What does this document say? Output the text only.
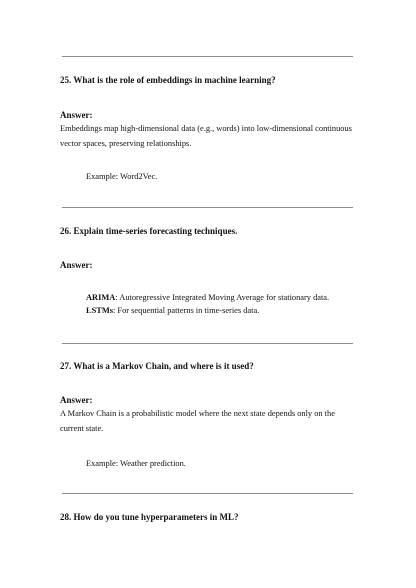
25. What is the role of embeddings in machine learning?

Answer:

Embeddings map high-dimensional data (e.g., words) into low-dimensional continuous
vector spaces, preserving relationships.

Example: Word2Vec.

26. Explain time-series forecasting techniques.

Answer:

ARIMA: Autoregressive Integrated Moving Average for stationary data.

LSTMs: For sequential patterns in time-series data.

27. What is a Markov Chain, and where is it used?

Answer:

A Markov Chain is a probabilistic model where the next state depends only on the
current state.

Example: Weather prediction.

28. How do you tune hyperparameters in ML?
